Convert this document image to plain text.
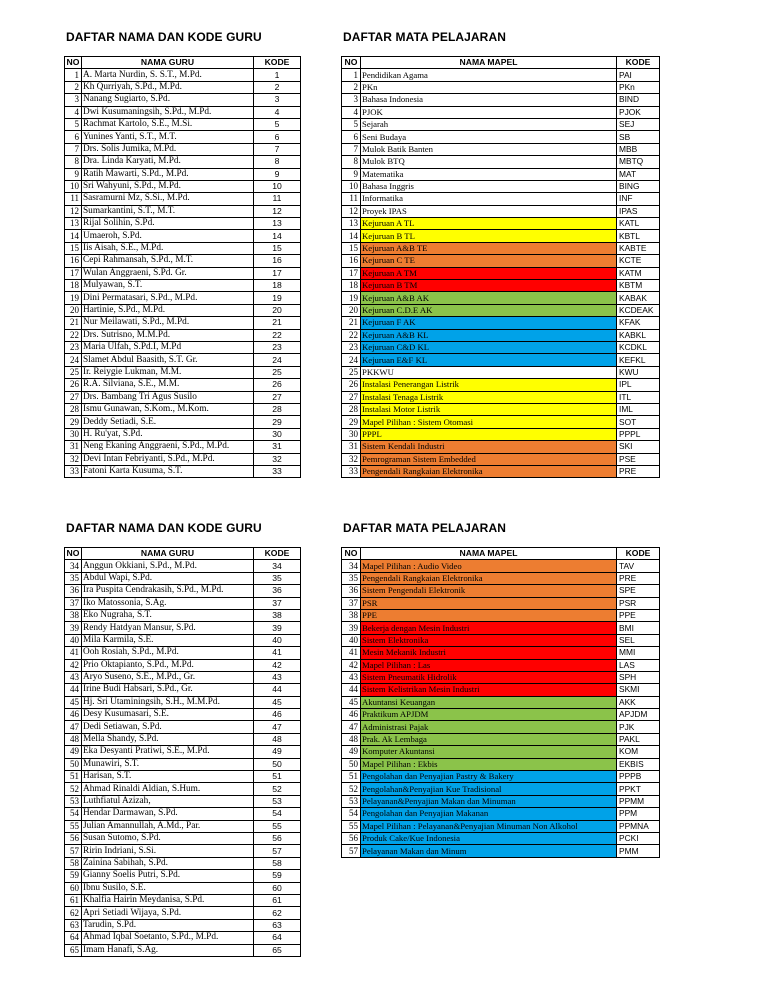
DAFTAR NAMA DAN KODE GURU	DAFTAR MATA PELAJARAN
NO	NAMA GURU	KODE
1	A. Marta Nurdin, S. S.T., M.Pd.	1
2	Kh Qurriyah, S.Pd., M.Pd.	2
3	Nanang Sugiarto, S.Pd.	3
4	Dwi Kusumaningsih, S.Pd., M.Pd.	4
5	Rachmat Kartolo, S.E., M.Si.	5
6	Yunines Yanti, S.T., M.T.	6
7	Drs. Solis Jumika, M.Pd.	7
8	Dra. Linda Karyati, M.Pd.	8
9	Ratih Mawarti, S.Pd., M.Pd.	9
10	Sri Wahyuni, S.Pd., M.Pd.	10
11	Sasramurni Mz, S.Si., M.Pd.	11
12	Sumarkantini, S.T., M.T.	12
13	Rijal Solihin, S.Pd.	13
14	Umaeroh, S.Pd.	14
15	Iis Aisah, S.E., M.Pd.	15
16	Cepi Rahmansah, S.Pd., M.T.	16
17	Wulan Anggraeni, S.Pd. Gr.	17
18	Mulyawan, S.T.	18
19	Dini Permatasari, S.Pd., M.Pd.	19
20	Hartinie, S.Pd., M.Pd.	20
21	Nur Meilawati, S.Pd., M.Pd.	21
22	Drs. Sutrisno, M.M.Pd.	22
23	Maria Ulfah, S.Pd.I, M.Pd	23
24	Slamet Abdul Baasith, S.T. Gr.	24
25	Ir. Reiygie Lukman, M.M.	25
26	R.A. Silviana, S.E., M.M.	26
27	Drs. Bambang Tri Agus Susilo	27
28	Ismu Gunawan, S.Kom., M.Kom.	28
29	Deddy Setiadi, S.E.	29
30	H. Ru'yat, S.Pd.	30
31	Neng Ekaning Anggraeni, S.Pd., M.Pd.	31
32	Devi Intan Febriyanti, S.Pd., M.Pd.	32
33	Fatoni Karta Kusuma, S.T.	33
NO	NAMA MAPEL	KODE
1	Pendidikan Agama	PAI
2	PKn	PKn
3	Bahasa Indonesia	BIND
4	PJOK	PJOK
5	Sejarah	SEJ
6	Seni Budaya	SB
7	Mulok Batik Banten	MBB
8	Mulok BTQ	MBTQ
9	Matematika	MAT
10	Bahasa Inggris	BING
11	Informatika	INF
12	Proyek IPAS	IPAS
13	Kejuruan A TL	KATL
14	Kejuruan B TL	KBTL
15	Kejuruan A&B TE	KABTE
16	Kejuruan C TE	KCTE
17	Kejuruan A TM	KATM
18	Kejuruan B TM	KBTM
19	Kejuruan A&B AK	KABAK
20	Kejuruan C.D.E AK	KCDEAK
21	Kejuruan F AK	KFAK
22	Kejuruan A&B KL	KABKL
23	Kejuruan C&D KL	KCDKL
24	Kejuruan E&F KL	KEFKL
25	PKKWU	KWU
26	Instalasi Penerangan Listrik	IPL
27	Instalasi Tenaga Listrik	ITL
28	Instalasi Motor Listrik	IML
29	Mapel Pilihan : Sistem Otomasi	SOT
30	PPPL	PPPL
31	Sistem Kendali Industri	SKI
32	Pemrograman Sistem Embedded	PSE
33	Pengendali Rangkaian Elektronika	PRE
DAFTAR NAMA DAN KODE GURU	DAFTAR MATA PELAJARAN
NO	NAMA GURU	KODE
34	Anggun Okkiani, S.Pd., M.Pd.	34
35	Abdul Wapi, S.Pd.	35
36	Ira Puspita Cendrakasih, S.Pd., M.Pd.	36
37	Iko Matossonia, S.Ag.	37
38	Eko Nugraha, S.T.	38
39	Rendy Hatdyan Mansur, S.Pd.	39
40	Mila Karmila, S.E.	40
41	Ooh Rosiah, S.Pd., M.Pd.	41
42	Prio Oktapianto, S.Pd., M.Pd.	42
43	Aryo Suseno, S.E., M.Pd., Gr.	43
44	Irine Budi Habsari, S.Pd., Gr.	44
45	Hj. Sri Utaminingsih, S.H., M.M.Pd.	45
46	Desy Kusumasari, S.E.	46
47	Dedi Setiawan, S.Pd.	47
48	Mella Shandy, S.Pd.	48
49	Eka Desyanti Pratiwi, S.E., M.Pd.	49
50	Munawiri, S.T.	50
51	Harisan, S.T.	51
52	Ahmad Rinaldi Aldian, S.Hum.	52
53	Luthfiatul Azizah,	53
54	Hendar Darmawan, S.Pd.	54
55	Julian Amannullah, A.Md., Par.	55
56	Susan Sutomo, S.Pd.	56
57	Ririn Indriani, S.Si.	57
58	Zainina Sabihah, S.Pd.	58
59	Gianny Soelis Putri, S.Pd.	59
60	Ibnu Susilo, S.E.	60
61	Khalfia Hairin Meydanisa, S.Pd.	61
62	Apri Setiadi Wijaya, S.Pd.	62
63	Tarudin, S.Pd.	63
64	Ahmad Iqbal Soetanto, S.Pd., M.Pd.	64
65	Imam Hanafi, S.Ag.	65
NO	NAMA MAPEL	KODE
34	Mapel Pilihan : Audio Video	TAV
35	Pengendali Rangkaian Elektronika	PRE
36	Sistem Pengendali Elektronik	SPE
37	PSR	PSR
38	PPE	PPE
39	Bekerja dengan Mesin Industri	BMI
40	Sistem Elektronika	SEL
41	Mesin Mekanik Industri	MMI
42	Mapel Pilihan : Las	LAS
43	Sistem Pneumatik Hidrolik	SPH
44	Sistem Kelistrikan Mesin Industri	SKMI
45	Akuntansi Keuangan	AKK
46	Praktikum APJDM	APJDM
47	Administrasi Pajak	PJK
48	Prak. Ak Lembaga	PAKL
49	Komputer Akuntansi	KOM
50	Mapel Pilihan : Ekbis	EKBIS
51	Pengolahan dan Penyajian Pastry & Bakery	PPPB
52	Pengolahan&Penyajian Kue Tradisional	PPKT
53	Pelayanan&Penyajian Makan dan Minuman	PPMM
54	Pengolahan dan Penyajian Makanan	PPM
55	Mapel Pilihan : Pelayanan&Penyajian Minuman Non Alkohol	PPMNA
56	Produk Cake/Kue Indonesia	PCKI
57	Pelayanan Makan dan Minum	PMM
